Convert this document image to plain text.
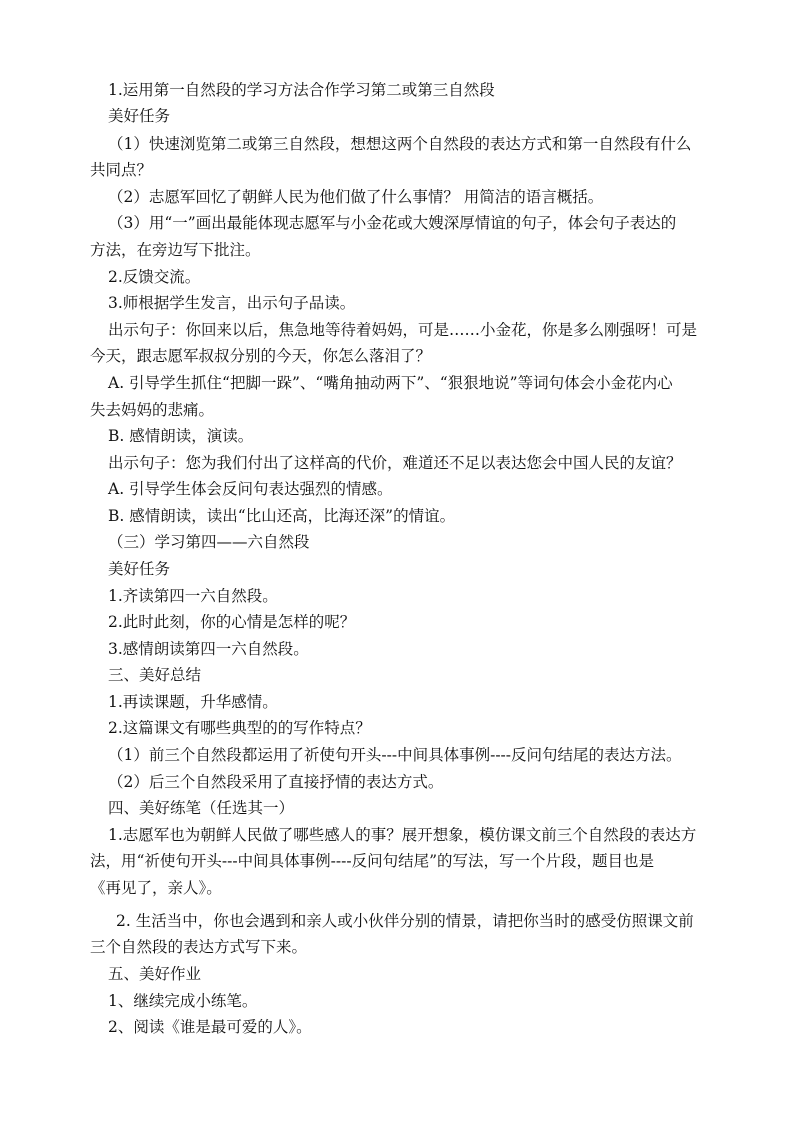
1.运用第一自然段的学习方法合作学习第二或第三自然段
美好任务
（1）快速浏览第二或第三自然段，想想这两个自然段的表达方式和第一自然段有什么
共同点？
（2）志愿军回忆了朝鲜人民为他们做了什么事情？ 用简洁的语言概括。
（3）用“一”画出最能体现志愿军与小金花或大嫂深厚情谊的句子，体会句子表达的
方法，在旁边写下批注。
2.反馈交流。
3.师根据学生发言，出示句子品读。
出示句子：你回来以后，焦急地等待着妈妈，可是……小金花，你是多么刚强呀！可是
今天，跟志愿军叔叔分别的今天，你怎么落泪了？
A. 引导学生抓住“把脚一跺”、“嘴角抽动两下”、“狠狠地说”等词句体会小金花内心
失去妈妈的悲痛。
B. 感情朗读，演读。
出示句子：您为我们付出了这样高的代价，难道还不足以表达您会中国人民的友谊？
A. 引导学生体会反问句表达强烈的情感。
B. 感情朗读，读出“比山还高，比海还深”的情谊。
（三）学习第四——六自然段
美好任务
1.齐读第四一六自然段。
2.此时此刻，你的心情是怎样的呢？
3.感情朗读第四一六自然段。
三、美好总结
1.再读课题，升华感情。
2.这篇课文有哪些典型的的写作特点？
（1）前三个自然段都运用了祈使句开头---中间具体事例----反问句结尾的表达方法。
（2）后三个自然段采用了直接抒情的表达方式。
四、美好练笔（任选其一）
1.志愿军也为朝鲜人民做了哪些感人的事？展开想象，模仿课文前三个自然段的表达方
法，用“祈使句开头---中间具体事例----反问句结尾”的写法，写一个片段，题目也是
《再见了，亲人》。
2. 生活当中，你也会遇到和亲人或小伙伴分别的情景，请把你当时的感受仿照课文前
三个自然段的表达方式写下来。
五、美好作业
1、继续完成小练笔。
2、阅读《谁是最可爱的人》。
